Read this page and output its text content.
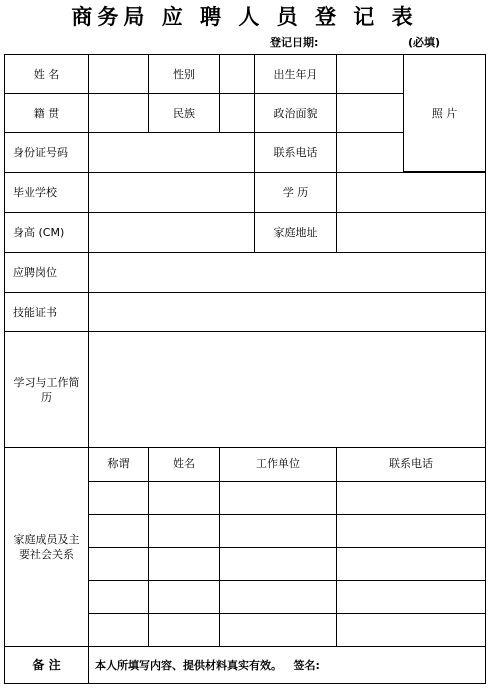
商务局 应 聘 人 员 登 记 表
登记日期:	(必填)
姓 名	性别	出生年月
照 片
籍 贯	民族	政治面貌
身份证号码	联系电话
毕业学校	学 历
身高 (CM)	家庭地址
应聘岗位
技能证书
学习与工作简历
家庭成员及主要社会关系
称谓	姓名	工作单位	联系电话
备 注	本人所填写内容、提供材料真实有效。   签名:
